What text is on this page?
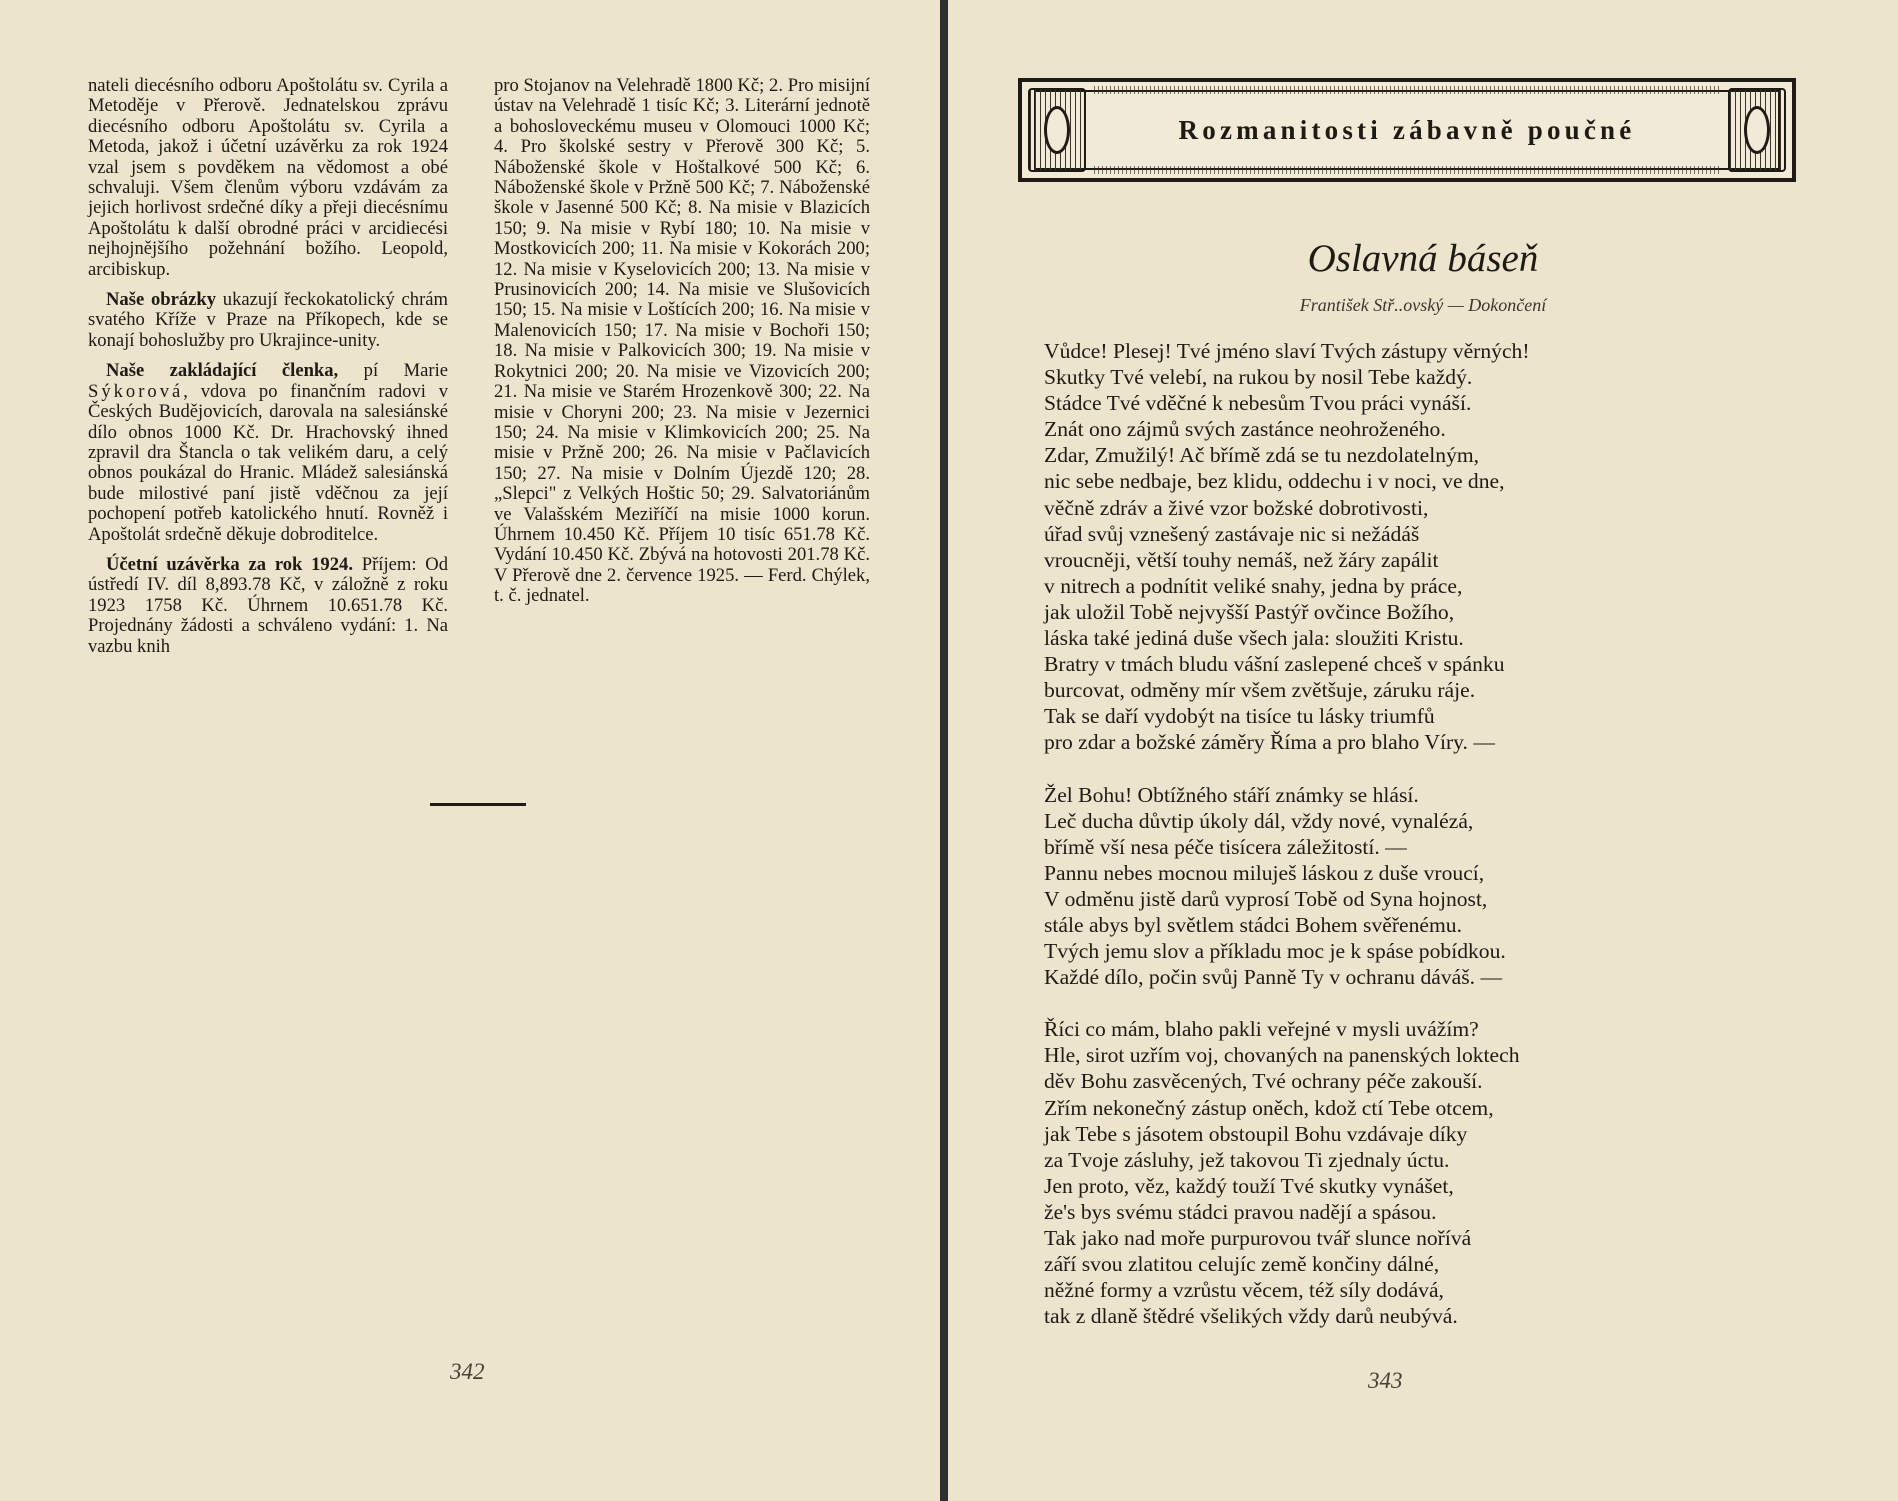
nateli diecésního odboru Apoštolátu sv. Cyrila a Metoděje v Přerově. Jednatelskou zprávu diecésního odboru Apoštolátu sv. Cyrila a Metoda, jakož i účetní uzávěrku za rok 1924 vzal jsem s povděkem na vědomost a obé schvaluji. Všem členům výboru vzdávám za jejich horlivost srdečné díky a přeji diecésnímu Apoštolátu k další obrodné práci v arcidiecési nejhojnějšího požehnání božího. Leopold, arcibiskup.

Naše obrázky ukazují řeckokatolický chrám svatého Kříže v Praze na Příkopech, kde se konají bohoslužby pro Ukrajince-unity.

Naše zakládající členka, pí Marie Sýkorová, vdova po finančním radovi v Českých Budějovicích, darovala na salesiánské dílo obnos 1000 Kč. Dr. Hrachovský ihned zpravil dra Štancla o tak velikém daru, a celý obnos poukázal do Hranic. Mládež salesiánská bude milostivé paní jistě vděčnou za její pochopení potřeb katolického hnutí. Rovněž i Apoštolát srdečně děkuje dobroditelce.

Účetní uzávěrka za rok 1924. Příjem: Od ústředí IV. díl 8,893.78 Kč, v záložně z roku 1923 1758 Kč. Úhrnem 10.651.78 Kč. Projednány žádosti a schváleno vydání: 1. Na vazbu knih

pro Stojanov na Velehradě 1800 Kč; 2. Pro misijní ústav na Velehradě 1 tisíc Kč; 3. Literární jednotě a bohosloveckému museu v Olomouci 1000 Kč; 4. Pro školské sestry v Přerově 300 Kč; 5. Náboženské škole v Hoštalkové 500 Kč; 6. Náboženské škole v Pržně 500 Kč; 7. Náboženské škole v Jasenné 500 Kč; 8. Na misie v Blazicích 150; 9. Na misie v Rybí 180; 10. Na misie v Mostkovicích 200; 11. Na misie v Kokorách 200; 12. Na misie v Kyselovicích 200; 13. Na misie v Prusinovicích 200; 14. Na misie ve Slušovicích 150; 15. Na misie v Loštících 200; 16. Na misie v Malenovicích 150; 17. Na misie v Bochoři 150; 18. Na misie v Palkovicích 300; 19. Na misie v Rokytnici 200; 20. Na misie ve Vizovicích 200; 21. Na misie ve Starém Hrozenkově 300; 22. Na misie v Choryni 200; 23. Na misie v Jezernici 150; 24. Na misie v Klimkovicích 200; 25. Na misie v Pržně 200; 26. Na misie v Pačlavicích 150; 27. Na misie v Dolním Újezdě 120; 28. „Slepci" z Velkých Hoštic 50; 29. Salvatoriánům ve Valašském Meziříčí na misie 1000 korun. Úhrnem 10.450 Kč. Příjem 10 tisíc 651.78 Kč. Vydání 10.450 Kč. Zbývá na hotovosti 201.78 Kč. V Přerově dne 2. července 1925. — Ferd. Chýlek, t. č. jednatel.

342
Rozmanitosti zábavně poučné
Oslavná báseň
František Stř..ovský — Dokončení
Vůdce! Plesej! Tvé jméno slaví Tvých zástupy věrných!
Skutky Tvé velebí, na rukou by nosil Tebe každý.
Stádce Tvé vděčné k nebesům Tvou práci vynáší.
Znát ono zájmů svých zastánce neohroženého.
Zdar, Zmužilý! Ač břímě zdá se tu nezdolatelným,
nic sebe nedbaje, bez klidu, oddechu i v noci, ve dne,
věčně zdráv a živé vzor božské dobrotivosti,
úřad svůj vznešený zastávaje nic si nežádáš
vroucněji, větší touhy nemáš, než žáry zapálit
v nitrech a podnítit veliké snahy, jedna by práce,
jak uložil Tobě nejvyšší Pastýř ovčince Božího,
láska také jediná duše všech jala: sloužiti Kristu.
Bratry v tmách bludu vášní zaslepené chceš v spánku
burcovat, odměny mír všem zvětšuje, záruku ráje.
Tak se daří vydobýt na tisíce tu lásky triumfů
pro zdar a božské záměry Říma a pro blaho Víry. —
Žel Bohu! Obtížného stáří známky se hlásí.
Leč ducha důvtip úkoly dál, vždy nové, vynalézá,
břímě vší nesa péče tisícera záležitostí. —
Pannu nebes mocnou miluješ láskou z duše vroucí,
V odměnu jistě darů vyprosí Tobě od Syna hojnost,
stále abys byl světlem stádci Bohem svěřenému.
Tvých jemu slov a příkladu moc je k spáse pobídkou.
Každé dílo, počin svůj Panně Ty v ochranu dáváš. —
Říci co mám, blaho pakli veřejné v mysli uvážím?
Hle, sirot uzřím voj, chovaných na panenských loktech
děv Bohu zasvěcených, Tvé ochrany péče zakouší.
Zřím nekonečný zástup oněch, kdož ctí Tebe otcem,
jak Tebe s jásotem obstoupil Bohu vzdávaje díky
za Tvoje zásluhy, jež takovou Ti zjednaly úctu.
Jen proto, věz, každý touží Tvé skutky vynášet,
že's bys svému stádci pravou nadějí a spásou.
Tak jako nad moře purpurovou tvář slunce nořívá
září svou zlatitou celujíc země končiny dálné,
něžné formy a vzrůstu věcem, též síly dodává,
tak z dlaně štědré všelikých vždy darů neubývá.
343
